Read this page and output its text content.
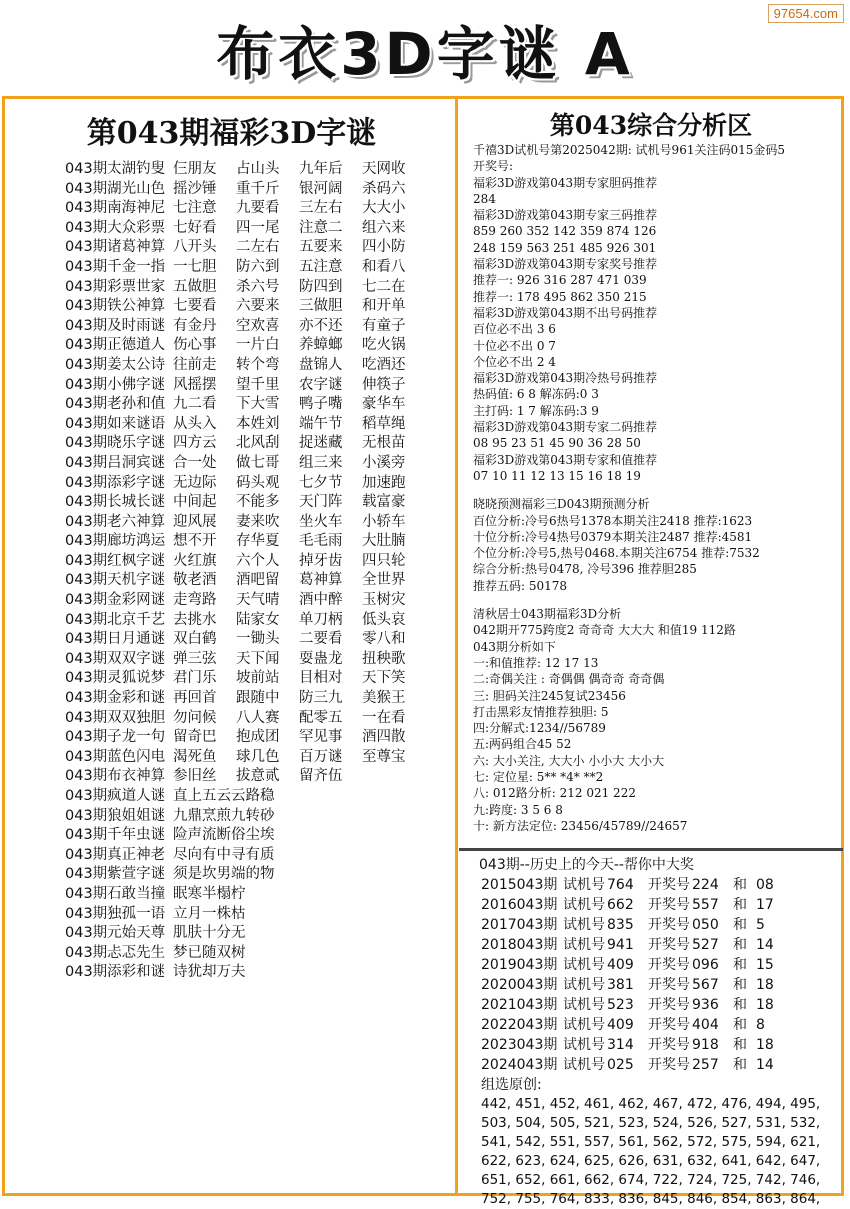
97654.com
布衣3D字谜 A
第043期福彩3D字谜
043期太湖钓叟 仨朋友 占山头 九年后 天网收
043期湖光山色 摇沙锤 重千斤 银河阔 杀码六
043期南海神尼 七注意 九要看 三左右 大大小
043期大众彩票 七好看 四一尾 注意二 组六来
043期诸葛神算 八开头 二左右 五要来 四小防
043期千金一指 一七胆 防六到 五注意 和看八
043期彩票世家 五做胆 杀六号 防四到 七二在
043期铁公神算 七要看 六要来 三做胆 和开单
043期及时雨谜 有金丹 空欢喜 亦不还 有童子
043期正德道人 伤心事 一片白 养蟑螂 吃火锅
043期姜太公诗 往前走 转个弯 盘锦人 吃酒还
043期小佛字谜 风摇摆 望千里 农字谜 伸筷子
043期老孙和值 九二看 下大雪 鸭子嘴 豪华车
043期如来谜语 从头入 本姓刘 端午节 稻草绳
043期晓乐字谜 四方云 北风刮 捉迷藏 无根苗
043期吕洞宾谜 合一处 做七哥 组三来 小溪旁
043期添彩字谜 无边际 码头观 七夕节 加速跑
043期长城长谜 中间起 不能多 天门阵 载富豪
043期老六神算 迎风展 妻来吹 坐火车 小轿车
043期廊坊鸿运 想不开 存华夏 毛毛雨 大肚腩
043期红枫字谜 火红旗 六个人 掉牙齿 四只轮
043期天机字谜 敬老酒 酒吧留 葛神算 全世界
043期金彩网谜 走弯路 天气晴 酒中醉 玉树灾
043期北京千艺 去挑水 陆家女 单刀柄 低头哀
043期日月通谜 双白鹤 一锄头 二要看 零八和
043期双双字谜 弹三弦 天下闻 耍蛊龙 扭秧歌
043期灵狐说梦 君门乐 坡前站 目相对 天下笑
043期金彩和谜 再回首 跟随中 防三九 美猴王
043期双双独胆 勿问候 八人赛 配零五 一在看
043期子龙一句 留奇巴 抱成团 罕见事 酒四散
043期蓝色闪电 渴死鱼 球几色 百万谜 至尊宝
043期布衣神算 参旧丝 拔意贰 留齐伍
043期疯道人谜 直上五云云路稳
043期狼姐姐谜 九鼎烹煎九转砂
043期千年虫谜 险声流断俗尘埃
043期真正神老 尽向有中寻有质
043期紫萱字谜 须是坎男端的物
043期石敢当撞 眠寒半榻柠
043期独孤一语 立月一株枯
043期元始天尊 肌肤十分无
043期忐忑先生 梦已随双树
043期添彩和谜 诗犹却万夫
第043综合分析区
千禧3D试机号第2025042期: 试机号961关注码015金码5
开奖号:
福彩3D游戏第043期专家胆码推荐
284
福彩3D游戏第043期专家三码推荐
859 260 352 142 359 874 126
248 159 563 251 485 926 301
福彩3D游戏第043期专家奖号推荐
推荐一: 926 316 287 471 039
推荐一: 178 495 862 350 215
福彩3D游戏第043期不出号码推荐
百位必不出 3 6
十位必不出 0 7
个位必不出 2 4
福彩3D游戏第043期冷热号码推荐
热码值: 6 8 解冻码:0 3
主打码: 1 7 解冻码:3 9
福彩3D游戏第043期专家二码推荐
08 95 23 51 45 90 36 28 50
福彩3D游戏第043期专家和值推荐
07 10 11 12 13 15 16 18 19
晓晓预测福彩三D043期预测分析
百位分析:冷号6热号1378本期关注2418 推荐:1623
十位分析:冷号4热号0379本期关注2487 推荐:4581
个位分析:冷号5,热号0468.本期关注6754 推荐:7532
综合分析:热号0478, 冷号396 推荐胆285
推荐五码: 50178
清秋居士043期福彩3D分析
042期开775跨度2 奇奇奇 大大大 和值19 112路
043期分析如下
一:和值推荐: 12 17 13
二:奇偶关注 : 奇偶偶 偶奇奇 奇奇偶
三: 胆码关注245复试23456
打击黑彩友情推荐独胆: 5
四:分解式:1234//56789
五:两码组合45 52
六: 大小关注, 大大小 小小大 大小大
七: 定位星: 5** *4* **2
八: 012路分析: 212 021 222
九:跨度: 3 5 6 8
十: 新方法定位: 23456/45789//24657
043期--历史上的今天--帮你中大奖
2015043期 试机号 764 开奖号 224 和 08
2016043期 试机号 662 开奖号 557 和 17
2017043期 试机号 835 开奖号 050 和 5
2018043期 试机号 941 开奖号 527 和 14
2019043期 试机号 409 开奖号 096 和 15
2020043期 试机号 381 开奖号 567 和 18
2021043期 试机号 523 开奖号 936 和 18
2022043期 试机号 409 开奖号 404 和 8
2023043期 试机号 314 开奖号 918 和 18
2024043期 试机号 025 开奖号 257 和 14
组选原创:
442, 451, 452, 461, 462, 467, 472, 476, 494, 495, 503, 504, 505, 521, 523, 524, 526, 527, 531, 532, 541, 542, 551, 557, 561, 562, 572, 575, 594, 621, 622, 623, 624, 625, 626, 631, 632, 641, 642, 647, 651, 652, 661, 662, 674, 722, 724, 725, 742, 746, 752, 755, 764, 833, 836, 845, 846, 854, 863, 864,
